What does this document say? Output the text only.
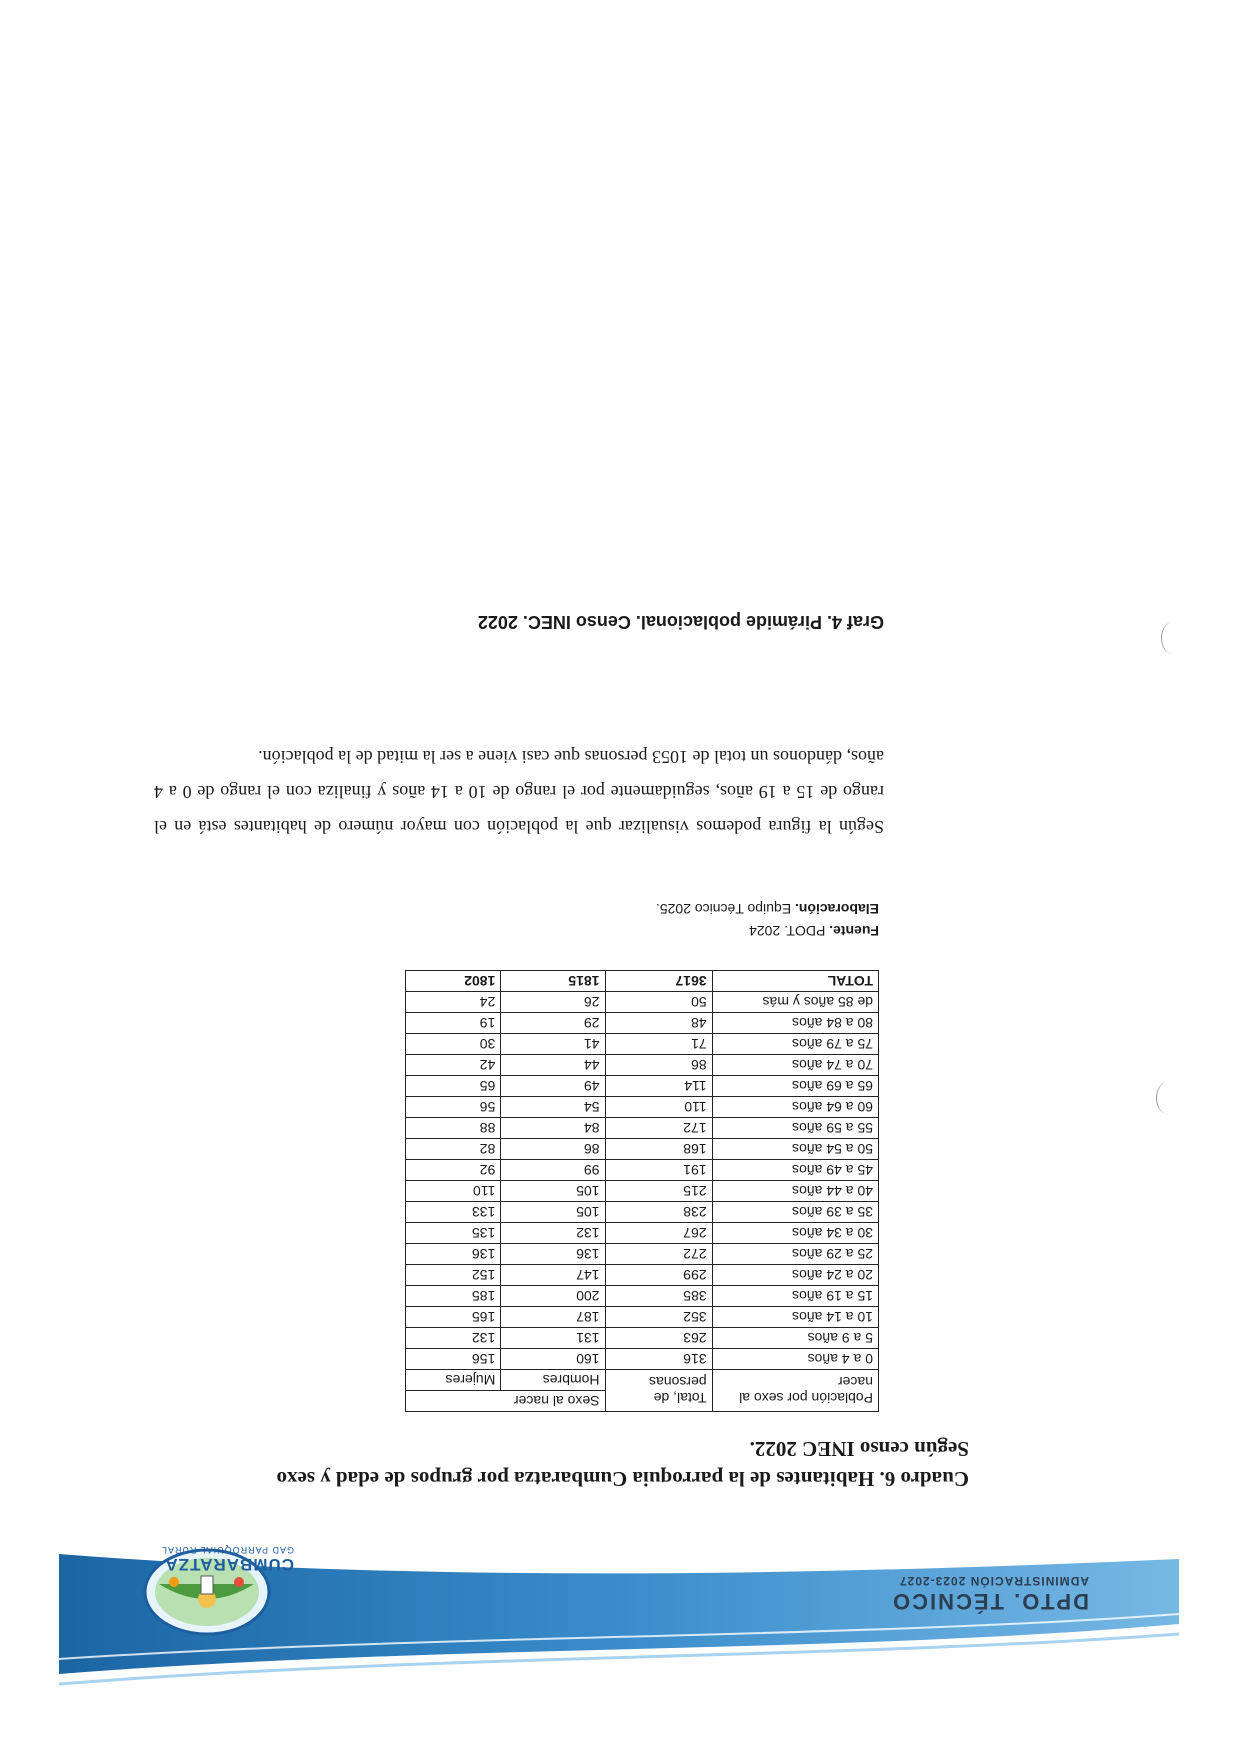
DPTO. TÉCNICO
ADMINISTRACIÓN 2023-2027
CUMBARATZA
GAD PARROQUIAL RURAL
Cuadro 6. Habitantes de la parroquia Cumbaratza por grupos de edad y sexo Según censo INEC 2022.
Población por sexo al nacer	Total, de personas	Sexo al nacer	
		Hombres	Mujeres
0 a 4 años	316	160	156
5 a 9 años	263	131	132
10 a 14 años	352	187	165
15 a 19 años	385	200	185
20 a 24 años	299	147	152
25 a 29 años	272	136	136
30 a 34 años	267	132	135
35 a 39 años	238	105	133
40 a 44 años	215	105	110
45 a 49 años	191	99	92
50 a 54 años	168	86	82
55 a 59 años	172	84	88
60 a 64 años	110	54	56
65 a 69 años	114	49	65
70 a 74 años	86	44	42
75 a 79 años	71	41	30
80 a 84 años	48	29	19
de 85 años y más	50	26	24
TOTAL	3617	1815	1802
Fuente. PDOT. 2024
Elaboración. Equipo Técnico 2025.
Según la figura podemos visualizar que la población con mayor número de habitantes está en el rango de 15 a 19 años, seguidamente por el rango de 10 a 14 años y finaliza con el rango de 0 a 4 años, dándonos un total de 1053 personas que casi viene a ser la mitad de la población.
Graf 4. Pirámide poblacional. Censo INEC. 2022
